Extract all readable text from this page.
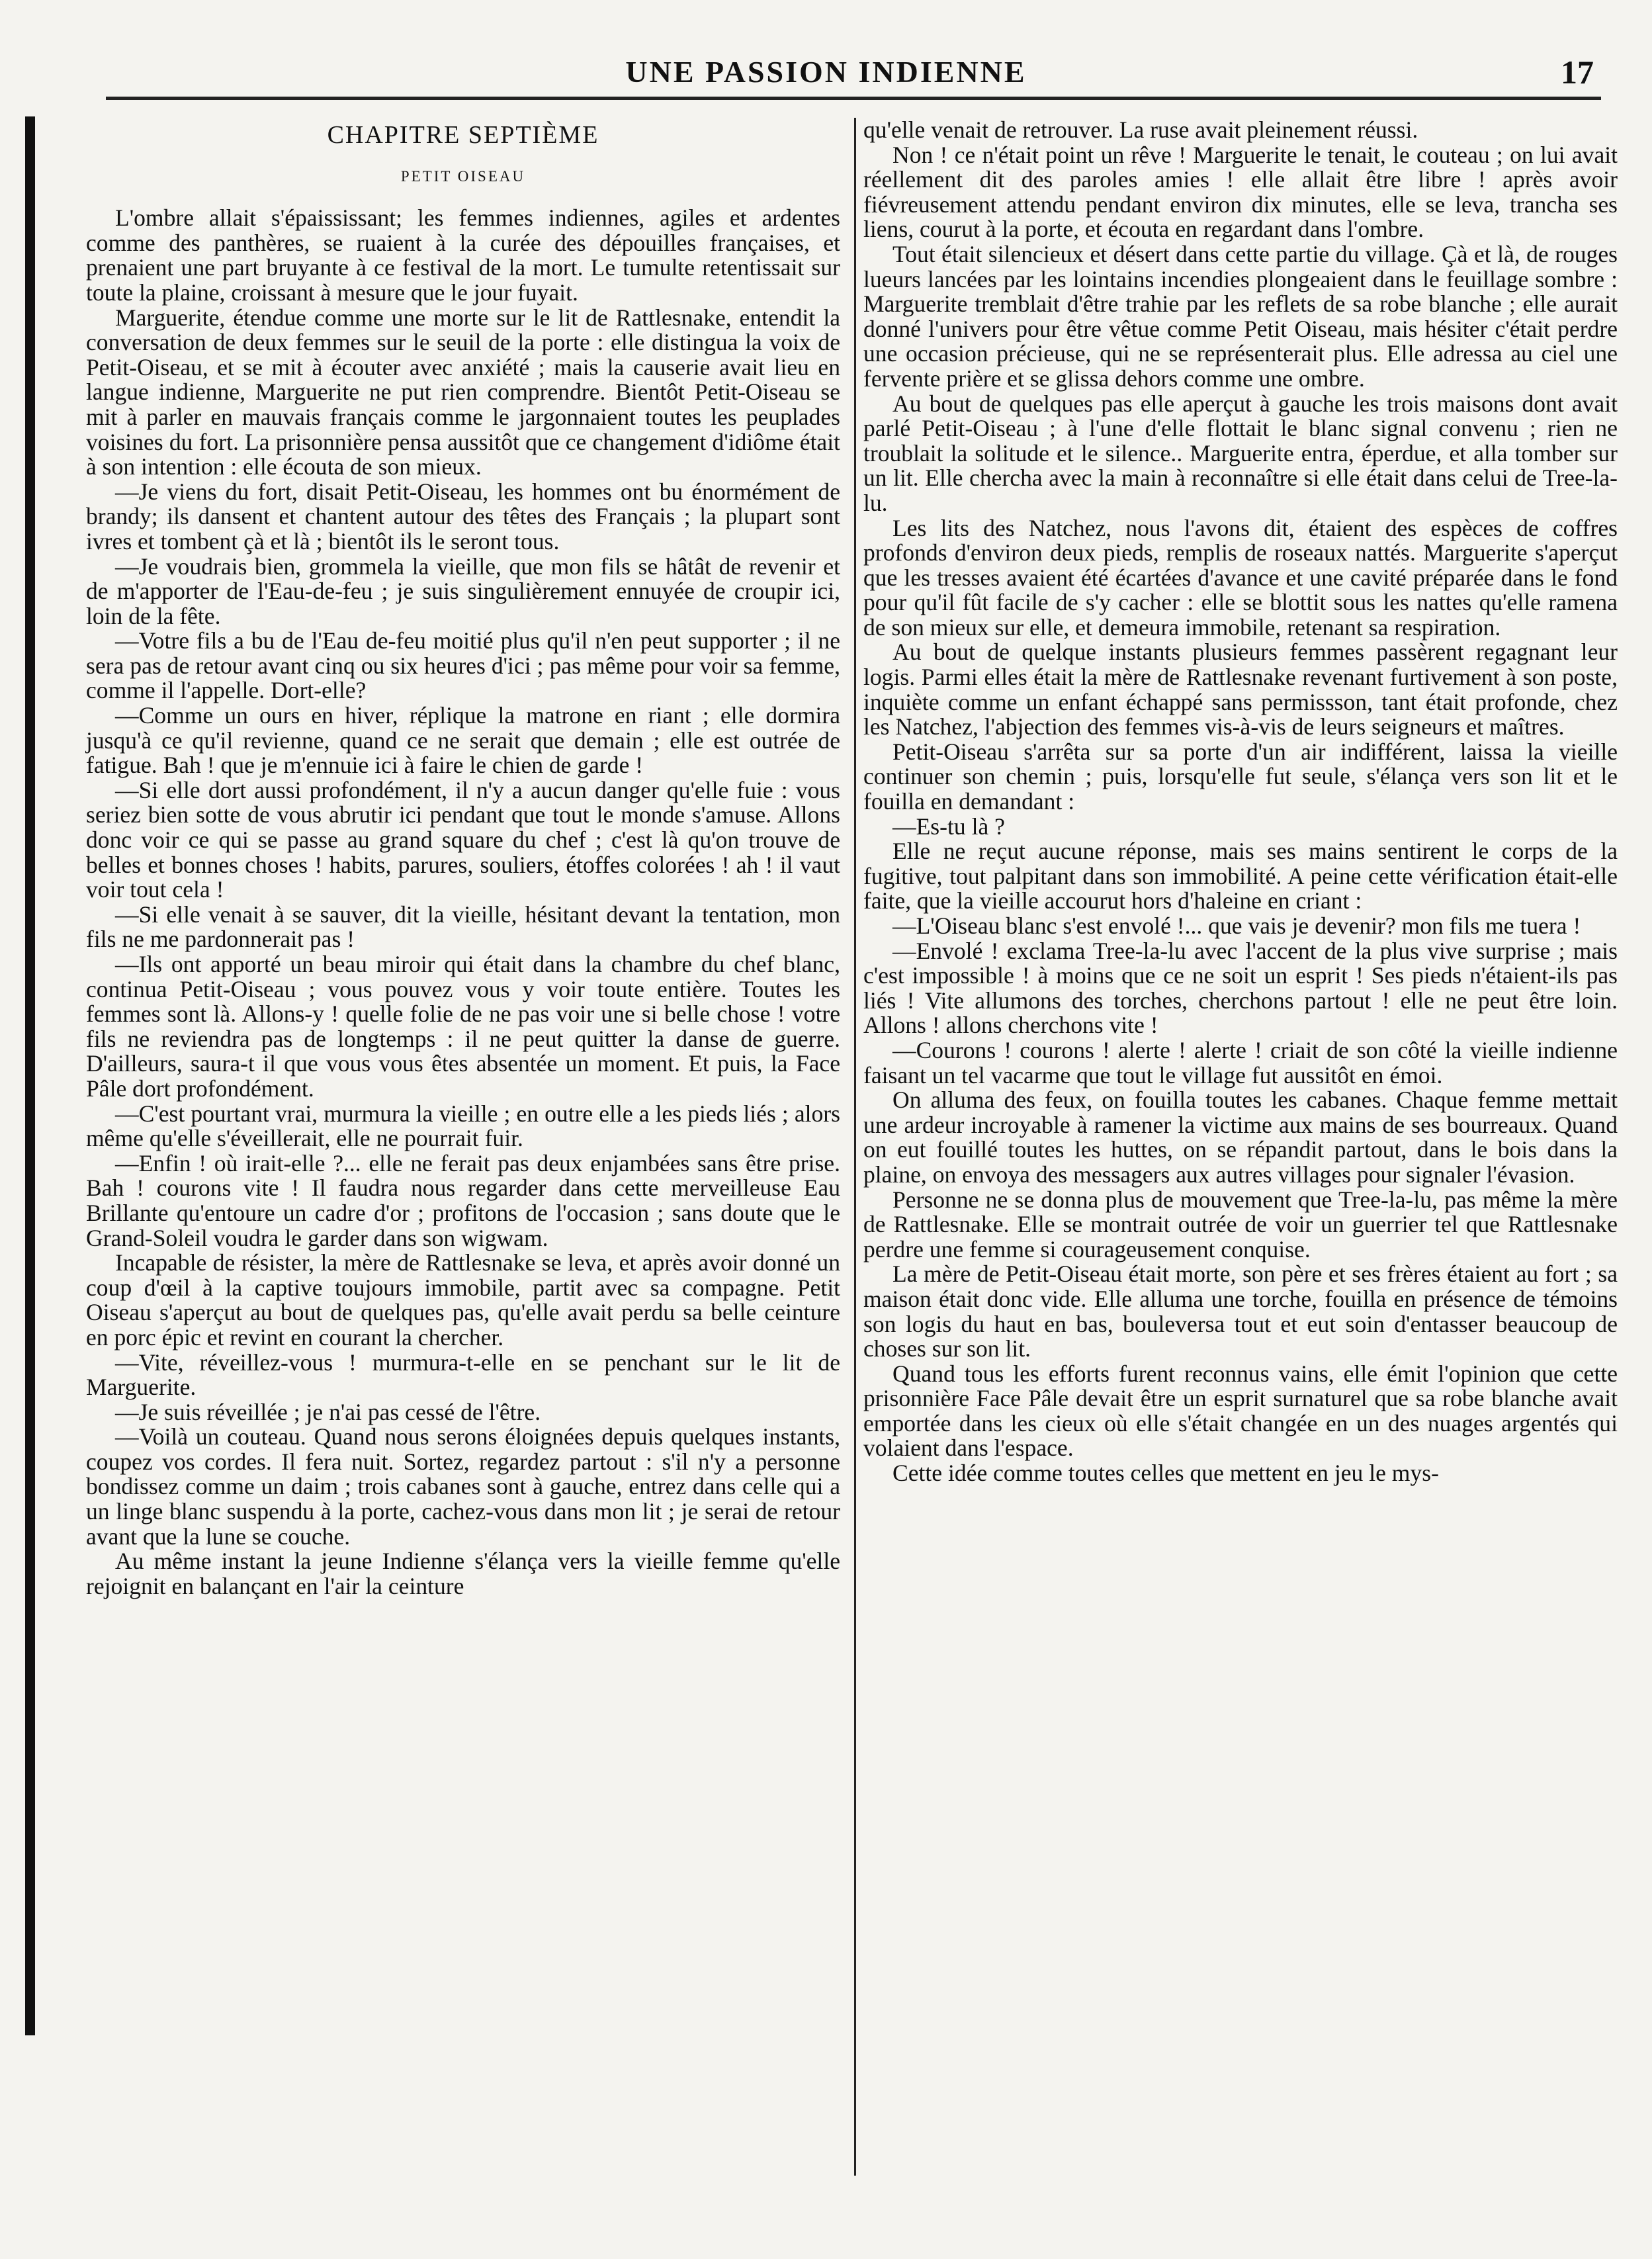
UNE PASSION INDIENNE	17
CHAPITRE SEPTIÈME
PETIT OISEAU

L'ombre allait s'épaississant; les femmes indiennes, agiles et ardentes comme des panthères, se ruaient à la curée des dépouilles françaises, et prenaient une part bruyante à ce festival de la mort. Le tumulte retentissait sur toute la plaine, croissant à mesure que le jour fuyait.

Marguerite, étendue comme une morte sur le lit de Rattlesnake, entendit la conversation de deux femmes sur le seuil de la porte : elle distingua la voix de Petit-Oiseau, et se mit à écouter avec anxiété ; mais la causerie avait lieu en langue indienne, Marguerite ne put rien comprendre. Bientôt Petit-Oiseau se mit à parler en mauvais français comme le jargonnaient toutes les peuplades voisines du fort. La prisonnière pensa aussitôt que ce changement d'idiôme était à son intention : elle écouta de son mieux.

—Je viens du fort, disait Petit-Oiseau, les hommes ont bu énormément de brandy; ils dansent et chantent autour des têtes des Français ; la plupart sont ivres et tombent çà et là ; bientôt ils le seront tous.

—Je voudrais bien, grommela la vieille, que mon fils se hâtât de revenir et de m'apporter de l'Eau-de-feu ; je suis singulièrement ennuyée de croupir ici, loin de la fête.

—Votre fils a bu de l'Eau de-feu moitié plus qu'il n'en peut supporter ; il ne sera pas de retour avant cinq ou six heures d'ici ; pas même pour voir sa femme, comme il l'appelle. Dort-elle?

—Comme un ours en hiver, réplique la matrone en riant ; elle dormira jusqu'à ce qu'il revienne, quand ce ne serait que demain ; elle est outrée de fatigue. Bah ! que je m'ennuie ici à faire le chien de garde !

—Si elle dort aussi profondément, il n'y a aucun danger qu'elle fuie : vous seriez bien sotte de vous abrutir ici pendant que tout le monde s'amuse. Allons donc voir ce qui se passe au grand square du chef ; c'est là qu'on trouve de belles et bonnes choses ! habits, parures, souliers, étoffes colorées ! ah ! il vaut voir tout cela !

—Si elle venait à se sauver, dit la vieille, hésitant devant la tentation, mon fils ne me pardonnerait pas !

—Ils ont apporté un beau miroir qui était dans la chambre du chef blanc, continua Petit-Oiseau ; vous pouvez vous y voir toute entière. Toutes les femmes sont là. Allons-y ! quelle folie de ne pas voir une si belle chose ! votre fils ne reviendra pas de longtemps : il ne peut quitter la danse de guerre. D'ailleurs, saura-t il que vous vous êtes absentée un moment. Et puis, la Face Pâle dort profondément.

—C'est pourtant vrai, murmura la vieille ; en outre elle a les pieds liés ; alors même qu'elle s'éveillerait, elle ne pourrait fuir.

—Enfin ! où irait-elle ?... elle ne ferait pas deux enjambées sans être prise. Bah ! courons vite ! Il faudra nous regarder dans cette merveilleuse Eau Brillante qu'entoure un cadre d'or ; profitons de l'occasion ; sans doute que le Grand-Soleil voudra le garder dans son wigwam.

Incapable de résister, la mère de Rattlesnake se leva, et après avoir donné un coup d'œil à la captive toujours immobile, partit avec sa compagne. Petit Oiseau s'aperçut au bout de quelques pas, qu'elle avait perdu sa belle ceinture en porc épic et revint en courant la chercher.

—Vite, réveillez-vous ! murmura-t-elle en se penchant sur le lit de Marguerite.

—Je suis réveillée ; je n'ai pas cessé de l'être.

—Voilà un couteau. Quand nous serons éloignées depuis quelques instants, coupez vos cordes. Il fera nuit. Sortez, regardez partout : s'il n'y a personne bondissez comme un daim ; trois cabanes sont à gauche, entrez dans celle qui a un linge blanc suspendu à la porte, cachez-vous dans mon lit ; je serai de retour avant que la lune se couche.

Au même instant la jeune Indienne s'élança vers la vieille femme qu'elle rejoignit en balançant en l'air la ceinture

qu'elle venait de retrouver. La ruse avait pleinement réussi.

Non ! ce n'était point un rêve ! Marguerite le tenait, le couteau ; on lui avait réellement dit des paroles amies ! elle allait être libre ! après avoir fiévreusement attendu pendant environ dix minutes, elle se leva, trancha ses liens, courut à la porte, et écouta en regardant dans l'ombre.

Tout était silencieux et désert dans cette partie du village. Çà et là, de rouges lueurs lancées par les lointains incendies plongeaient dans le feuillage sombre : Marguerite tremblait d'être trahie par les reflets de sa robe blanche ; elle aurait donné l'univers pour être vêtue comme Petit Oiseau, mais hésiter c'était perdre une occasion précieuse, qui ne se représenterait plus. Elle adressa au ciel une fervente prière et se glissa dehors comme une ombre.

Au bout de quelques pas elle aperçut à gauche les trois maisons dont avait parlé Petit-Oiseau ; à l'une d'elle flottait le blanc signal convenu ; rien ne troublait la solitude et le silence.. Marguerite entra, éperdue, et alla tomber sur un lit. Elle chercha avec la main à reconnaître si elle était dans celui de Tree-la-lu.

Les lits des Natchez, nous l'avons dit, étaient des espèces de coffres profonds d'environ deux pieds, remplis de roseaux nattés. Marguerite s'aperçut que les tresses avaient été écartées d'avance et une cavité préparée dans le fond pour qu'il fût facile de s'y cacher : elle se blottit sous les nattes qu'elle ramena de son mieux sur elle, et demeura immobile, retenant sa respiration.

Au bout de quelque instants plusieurs femmes passèrent regagnant leur logis. Parmi elles était la mère de Rattlesnake revenant furtivement à son poste, inquiète comme un enfant échappé sans permissson, tant était profonde, chez les Natchez, l'abjection des femmes vis-à-vis de leurs seigneurs et maîtres.

Petit-Oiseau s'arrêta sur sa porte d'un air indifférent, laissa la vieille continuer son chemin ; puis, lorsqu'elle fut seule, s'élança vers son lit et le fouilla en demandant :

—Es-tu là ?

Elle ne reçut aucune réponse, mais ses mains sentirent le corps de la fugitive, tout palpitant dans son immobilité. A peine cette vérification était-elle faite, que la vieille accourut hors d'haleine en criant :

—L'Oiseau blanc s'est envolé !... que vais je devenir? mon fils me tuera !

—Envolé ! exclama Tree-la-lu avec l'accent de la plus vive surprise ; mais c'est impossible ! à moins que ce ne soit un esprit ! Ses pieds n'étaient-ils pas liés ! Vite allumons des torches, cherchons partout ! elle ne peut être loin. Allons ! allons cherchons vite !

—Courons ! courons ! alerte ! alerte ! criait de son côté la vieille indienne faisant un tel vacarme que tout le village fut aussitôt en émoi.

On alluma des feux, on fouilla toutes les cabanes. Chaque femme mettait une ardeur incroyable à ramener la victime aux mains de ses bourreaux. Quand on eut fouillé toutes les huttes, on se répandit partout, dans le bois dans la plaine, on envoya des messagers aux autres villages pour signaler l'évasion.

Personne ne se donna plus de mouvement que Tree-la-lu, pas même la mère de Rattlesnake. Elle se montrait outrée de voir un guerrier tel que Rattlesnake perdre une femme si courageusement conquise.

La mère de Petit-Oiseau était morte, son père et ses frères étaient au fort ; sa maison était donc vide. Elle alluma une torche, fouilla en présence de témoins son logis du haut en bas, bouleversa tout et eut soin d'entasser beaucoup de choses sur son lit.

Quand tous les efforts furent reconnus vains, elle émit l'opinion que cette prisonnière Face Pâle devait être un esprit surnaturel que sa robe blanche avait emportée dans les cieux où elle s'était changée en un des nuages argentés qui volaient dans l'espace.

Cette idée comme toutes celles que mettent en jeu le mys-
